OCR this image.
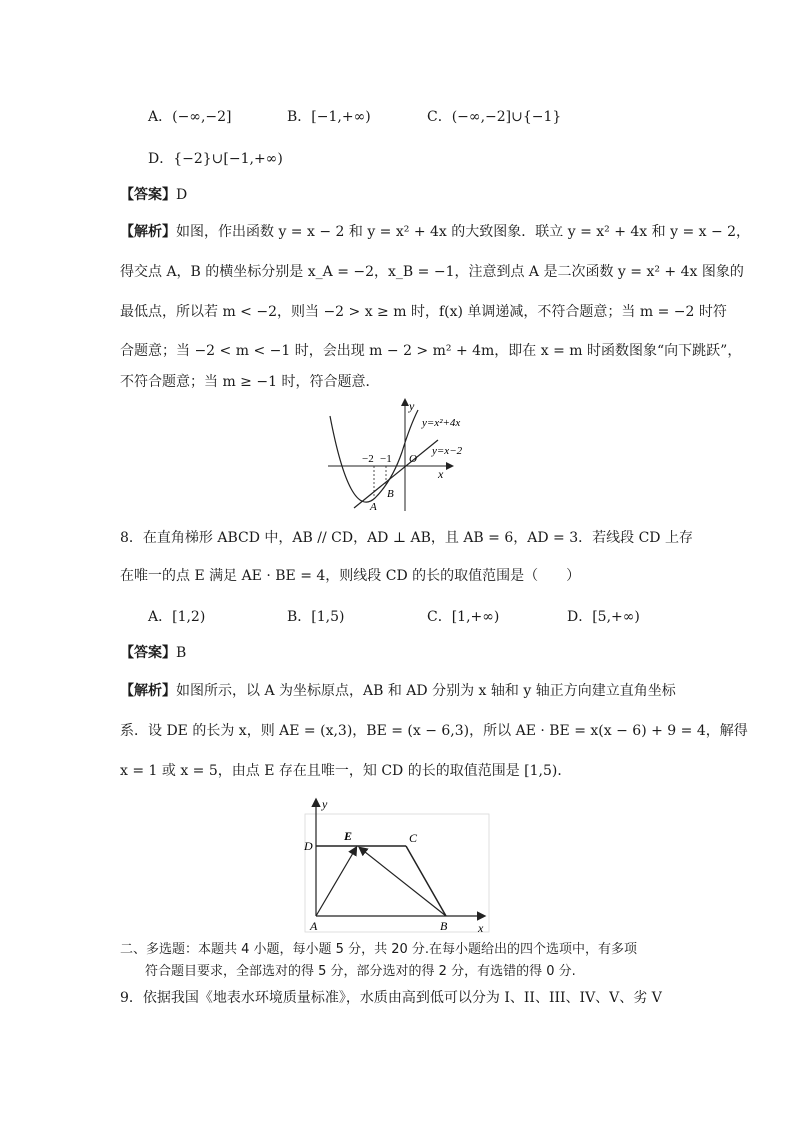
A．(−∞,−2]	B．[−1,+∞)	C．(−∞,−2]∪{−1}
D．{−2}∪[−1,+∞)
【答案】D
【解析】如图，作出函数 y = x − 2 和 y = x² + 4x 的大致图象．联立 y = x² + 4x 和 y = x − 2，
得交点 A，B 的横坐标分别是 x_A = −2，x_B = −1，注意到点 A 是二次函数 y = x² + 4x 图象的
最低点，所以若 m < −2，则当 −2 > x ≥ m 时，f(x) 单调递减，不符合题意；当 m = −2 时符
合题意；当 −2 < m < −1 时，会出现 m − 2 > m² + 4m，即在 x = m 时函数图象“向下跳跃”，
不符合题意；当 m ≥ −1 时，符合题意．
y
x
y=x²+4x
y=x−2
O
−2 −1
A
B
8．在直角梯形 ABCD 中，AB // CD，AD ⊥ AB，且 AB = 6，AD = 3．若线段 CD 上存
在唯一的点 E 满足 AE · BE = 4，则线段 CD 的长的取值范围是（　　）
A．[1,2)	B．[1,5)	C．[1,+∞)	D．[5,+∞)
【答案】B
【解析】如图所示，以 A 为坐标原点，AB 和 AD 分别为 x 轴和 y 轴正方向建立直角坐标
系．设 DE 的长为 x，则 AE = (x,3)，BE = (x − 6,3)，所以 AE · BE = x(x − 6) + 9 = 4，解得
x = 1 或 x = 5，由点 E 存在且唯一，知 CD 的长的取值范围是 [1,5)．
y
x
D
E	C
A	B
二、多选题：本题共 4 小题，每小题 5 分，共 20 分.在每小题给出的四个选项中，有多项
符合题目要求，全部选对的得 5 分，部分选对的得 2 分，有选错的得 0 分.
9．依据我国《地表水环境质量标准》，水质由高到低可以分为 I、II、III、IV、V、劣 V
